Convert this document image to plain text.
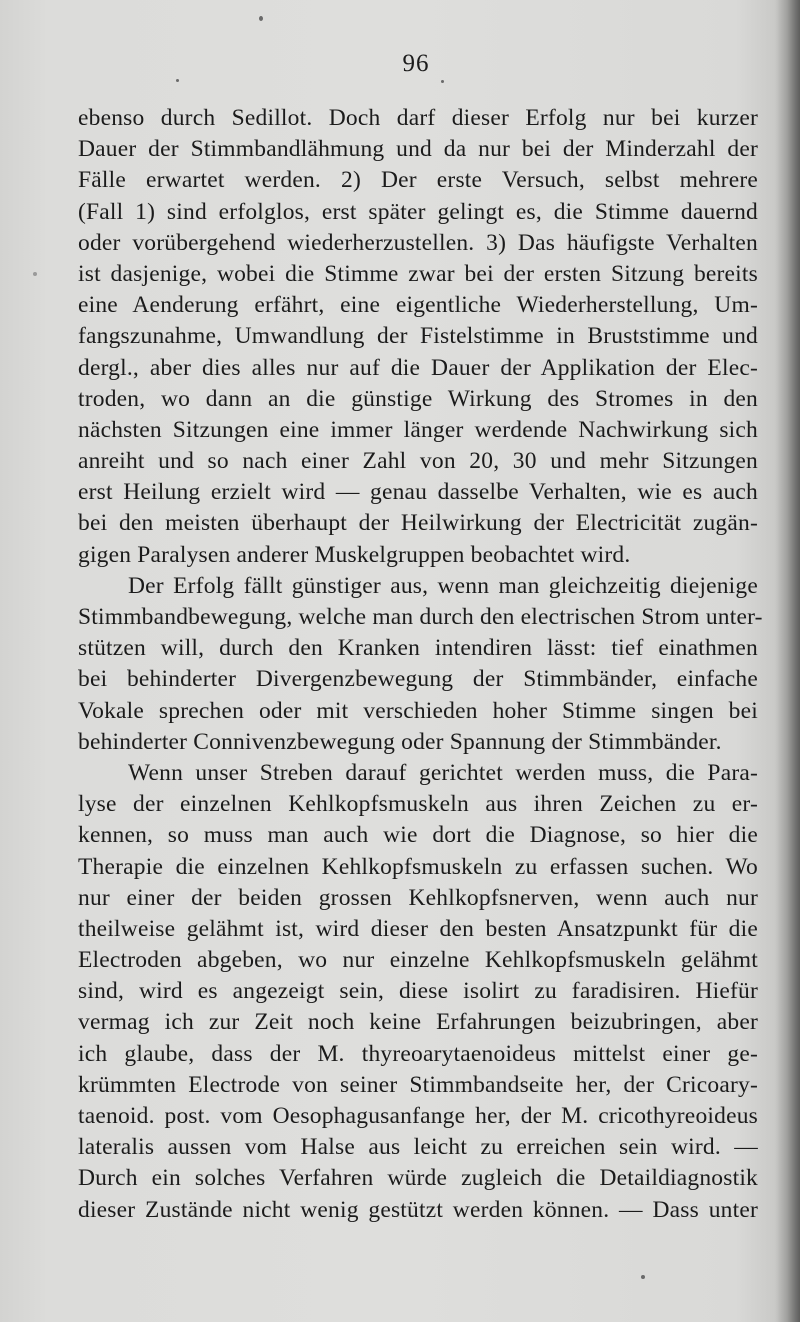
96
ebenso durch Sedillot. Doch darf dieser Erfolg nur bei kurzer
Dauer der Stimmbandlähmung und da nur bei der Minderzahl der
Fälle erwartet werden. 2) Der erste Versuch, selbst mehrere
(Fall 1) sind erfolglos, erst später gelingt es, die Stimme dauernd
oder vorübergehend wiederherzustellen. 3) Das häufigste Verhalten
ist dasjenige, wobei die Stimme zwar bei der ersten Sitzung bereits
eine Aenderung erfährt, eine eigentliche Wiederherstellung, Um-
fangszunahme, Umwandlung der Fistelstimme in Bruststimme und
dergl., aber dies alles nur auf die Dauer der Applikation der Elec-
troden, wo dann an die günstige Wirkung des Stromes in den
nächsten Sitzungen eine immer länger werdende Nachwirkung sich
anreiht und so nach einer Zahl von 20, 30 und mehr Sitzungen
erst Heilung erzielt wird — genau dasselbe Verhalten, wie es auch
bei den meisten überhaupt der Heilwirkung der Electricität zugän-
gigen Paralysen anderer Muskelgruppen beobachtet wird.
Der Erfolg fällt günstiger aus, wenn man gleichzeitig diejenige
Stimmbandbewegung, welche man durch den electrischen Strom unter-
stützen will, durch den Kranken intendiren lässt: tief einathmen
bei behinderter Divergenzbewegung der Stimmbänder, einfache
Vokale sprechen oder mit verschieden hoher Stimme singen bei
behinderter Connivenzbewegung oder Spannung der Stimmbänder.
Wenn unser Streben darauf gerichtet werden muss, die Para-
lyse der einzelnen Kehlkopfsmuskeln aus ihren Zeichen zu er-
kennen, so muss man auch wie dort die Diagnose, so hier die
Therapie die einzelnen Kehlkopfsmuskeln zu erfassen suchen. Wo
nur einer der beiden grossen Kehlkopfsnerven, wenn auch nur
theilweise gelähmt ist, wird dieser den besten Ansatzpunkt für die
Electroden abgeben, wo nur einzelne Kehlkopfsmuskeln gelähmt
sind, wird es angezeigt sein, diese isolirt zu faradisiren. Hiefür
vermag ich zur Zeit noch keine Erfahrungen beizubringen, aber
ich glaube, dass der M. thyreoarytaenoideus mittelst einer ge-
krümmten Electrode von seiner Stimmbandseite her, der Cricoary-
taenoid. post. vom Oesophagusanfange her, der M. cricothyreoideus
lateralis aussen vom Halse aus leicht zu erreichen sein wird. —
Durch ein solches Verfahren würde zugleich die Detaildiagnostik
dieser Zustände nicht wenig gestützt werden können. — Dass unter
